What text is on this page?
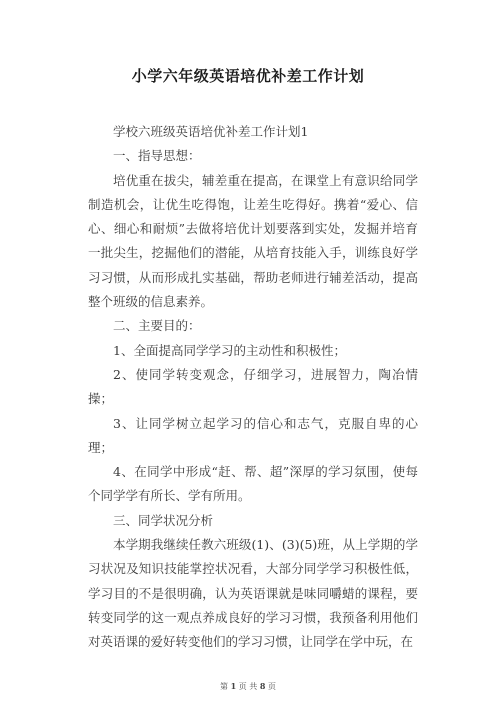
小学六年级英语培优补差工作计划

学校六班级英语培优补差工作计划1

一、指导思想：

培优重在拔尖，辅差重在提高，在课堂上有意识给同学制造机会，让优生吃得饱，让差生吃得好。携着“爱心、信心、细心和耐烦”去做将培优计划要落到实处，发掘并培育一批尖生，挖掘他们的潜能，从培育技能入手，训练良好学习习惯，从而形成扎实基础，帮助老师进行辅差活动，提高整个班级的信息素养。

二、主要目的：

1、全面提高同学学习的主动性和积极性；

2、使同学转变观念，仔细学习，进展智力，陶冶情操；

3、让同学树立起学习的信心和志气，克服自卑的心理；

4、在同学中形成“赶、帮、超”深厚的学习氛围，使每个同学学有所长、学有所用。

三、同学状况分析

本学期我继续任教六班级(1)、(3)(5)班，从上学期的学习状况及知识技能掌控状况看，大部分同学学习积极性低，学习目的不是很明确，认为英语课就是味同嚼蜡的课程，要转变同学的这一观点养成良好的学习习惯，我预备利用他们对英语课的爱好转变他们的学习习惯，让同学在学中玩，在

第 1 页 共 8 页
